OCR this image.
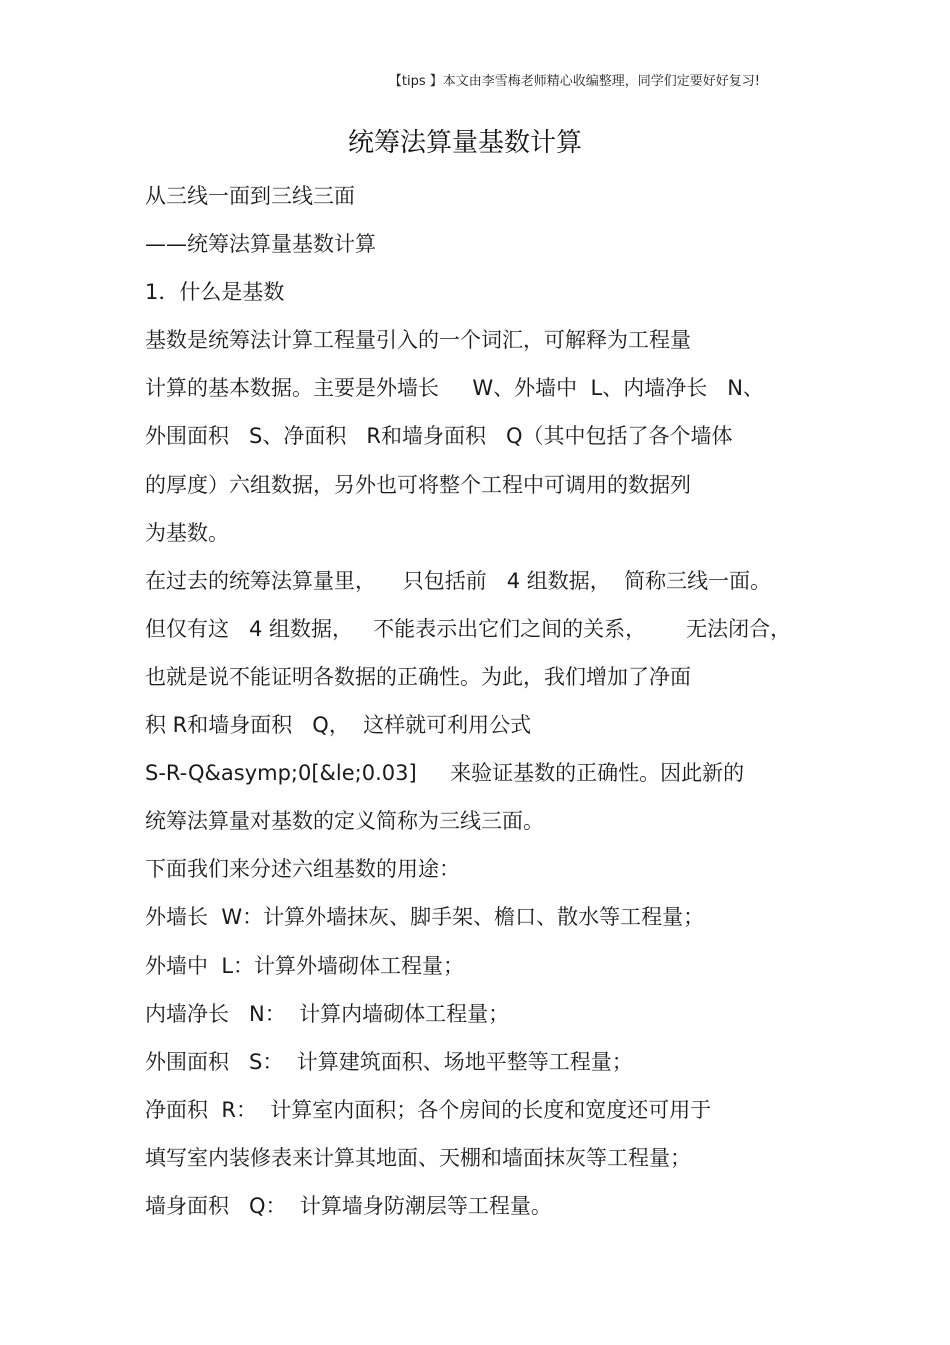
【tips 】本文由李雪梅老师精心收编整理，同学们定要好好复习!
统筹法算量基数计算
从三线一面到三线三面
——统筹法算量基数计算
1．什么是基数
基数是统筹法计算工程量引入的一个词汇，可解释为工程量
计算的基本数据。主要是外墙长     W、外墙中  L、内墙净长   N、
外围面积   S、净面积   R和墙身面积   Q（其中包括了各个墙体
的厚度）六组数据，另外也可将整个工程中可调用的数据列
为基数。
在过去的统筹法算量里，    只包括前   4 组数据，  简称三线一面。
但仅有这   4 组数据，   不能表示出它们之间的关系，      无法闭合，
也就是说不能证明各数据的正确性。为此，我们增加了净面
积 R和墙身面积   Q，  这样就可利用公式
S-R-Q&asymp;0[&le;0.03]     来验证基数的正确性。因此新的
统筹法算量对基数的定义简称为三线三面。
下面我们来分述六组基数的用途：
外墙长  W：计算外墙抹灰、脚手架、檐口、散水等工程量；
外墙中  L：计算外墙砌体工程量；
内墙净长   N：  计算内墙砌体工程量；
外围面积   S：  计算建筑面积、场地平整等工程量；
净面积  R：  计算室内面积；各个房间的长度和宽度还可用于
填写室内装修表来计算其地面、天棚和墙面抹灰等工程量；
墙身面积   Q：  计算墙身防潮层等工程量。
